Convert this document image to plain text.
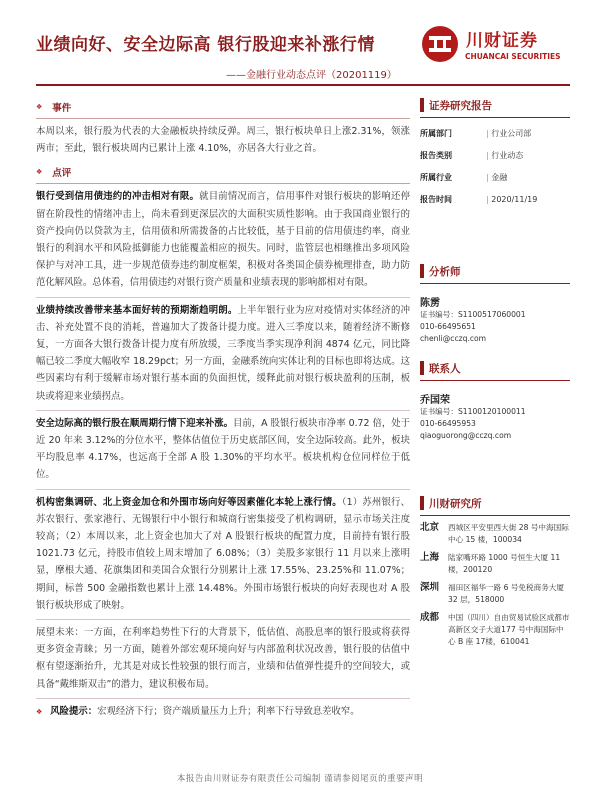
业绩向好、安全边际高 银行股迎来补涨行情
——金融行业动态点评（20201119）
川财证券
CHUANCAI SECURITIES
❖ 事件
本周以来，银行股为代表的大金融板块持续反弹。周三，银行板块单日上涨2.31%，领涨两市；至此，银行板块周内已累计上涨 4.10%，亦居各大行业之首。
❖ 点评
银行受到信用债违约的冲击相对有限。就目前情况而言，信用事件对银行板块的影响还停留在阶段性的情绪冲击上，尚未看到更深层次的大面积实质性影响。由于我国商业银行的资产投向仍以贷款为主，信用债和所需拨备的占比较低，基于目前的信用债违约率，商业银行的利润水平和风险抵御能力也能覆盖相应的损失。同时，监管层也相继推出多项风险保护与对冲工具，进一步规范债券违约制度框架，积极对各类国企债券梳理排查，助力防范化解风险。总体看，信用债违约对银行资产质量和业绩表现的影响都相对有限。
业绩持续改善带来基本面好转的预期渐趋明朗。上半年银行业为应对疫情对实体经济的冲击、补充处置不良的消耗，普遍加大了拨备计提力度。进入三季度以来，随着经济不断修复，一方面各大银行拨备计提力度有所放缓，三季度当季实现净利润 4874 亿元，同比降幅已较二季度大幅收窄 18.29pct；另一方面，金融系统向实体让利的目标也即将达成。这些因素均有利于缓解市场对银行基本面的负面担忧，缓释此前对银行板块盈利的压制，板块或将迎来业绩拐点。
安全边际高的银行股在顺周期行情下迎来补涨。目前，A 股银行板块市净率 0.72 倍，处于近 20 年来 3.12%的分位水平，整体估值位于历史底部区间，安全边际较高。此外，板块平均股息率 4.17%，也远高于全部 A 股 1.30%的平均水平。板块机构仓位同样位于低位。
机构密集调研、北上资金加仓和外围市场向好等因素催化本轮上涨行情。（1）苏州银行、苏农银行、张家港行、无锡银行中小银行和城商行密集接受了机构调研，显示市场关注度较高；（2）本周以来，北上资金也加大了对 A 股银行板块的配置力度，目前持有银行股 1021.73 亿元，持股市值较上周末增加了 6.08%；（3）美股多家银行 11 月以来上涨明显，摩根大通、花旗集团和美国合众银行分别累计上涨 17.55%、23.25%和 11.07%；期间，标普 500 金融指数也累计上涨 14.48%。外围市场银行板块的向好表现也对 A 股银行板块形成了映射。
展望未来：一方面，在利率趋势性下行的大背景下，低估值、高股息率的银行股或将获得更多资金青睐；另一方面，随着外部宏观环境向好与内部盈利状况改善，银行股的估值中枢有望逐渐抬升，尤其是对成长性较强的银行而言，业绩和估值弹性提升的空间较大，或具备“戴维斯双击”的潜力，建议积极布局。
❖ 风险提示：宏观经济下行；资产端质量压力上升；利率下行导致息差收窄。
证券研究报告
所属部门	| 行业公司部
报告类别	| 行业动态
所属行业	| 金融
报告时间	| 2020/11/19
分析师
陈雳
证书编号：S1100517060001
010-66495651
chenli@cczq.com
联系人
乔国荣
证书编号：S1100120100011
010-66495953
qiaoguorong@cczq.com
川财研究所
北京	西城区平安里西大街 28 号中海国际中心 15 楼，100034
上海	陆家嘴环路 1000 号恒生大厦 11 楼，200120
深圳	福田区福华一路 6 号免税商务大厦 32 层，518000
成都	中国（四川）自由贸易试验区成都市高新区交子大道177 号中海国际中心 B 座 17楼，610041
本报告由川财证券有限责任公司编制 谨请参阅尾页的重要声明
